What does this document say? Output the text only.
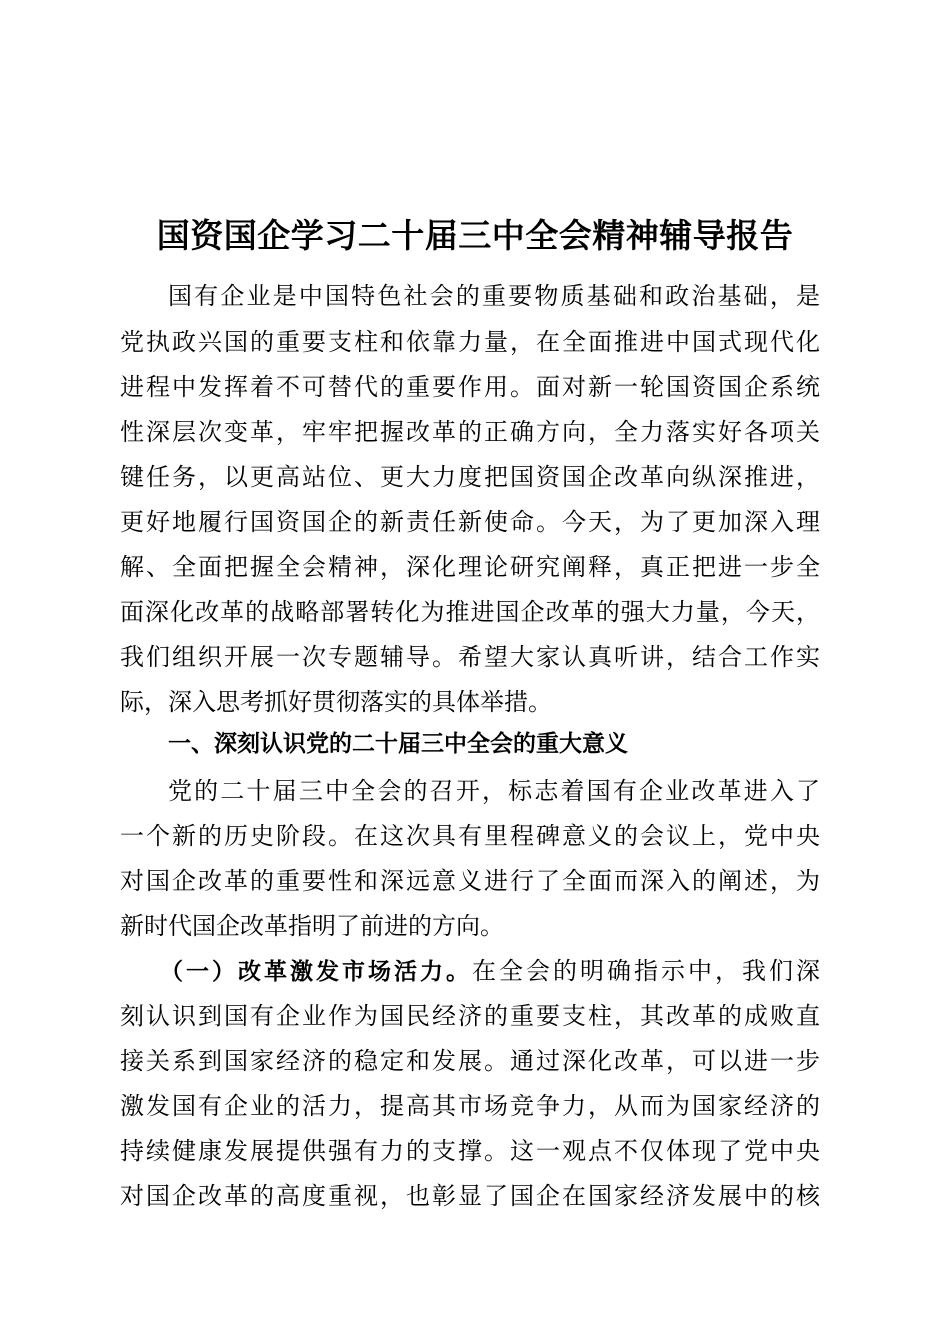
国资国企学习二十届三中全会精神辅导报告
国有企业是中国特色社会的重要物质基础和政治基础，是
党执政兴国的重要支柱和依靠力量，在全面推进中国式现代化
进程中发挥着不可替代的重要作用。面对新一轮国资国企系统
性深层次变革，牢牢把握改革的正确方向，全力落实好各项关
键任务，以更高站位、更大力度把国资国企改革向纵深推进，
更好地履行国资国企的新责任新使命。今天，为了更加深入理
解、全面把握全会精神，深化理论研究阐释，真正把进一步全
面深化改革的战略部署转化为推进国企改革的强大力量，今天，
我们组织开展一次专题辅导。希望大家认真听讲，结合工作实
际，深入思考抓好贯彻落实的具体举措。
一、深刻认识党的二十届三中全会的重大意义
党的二十届三中全会的召开，标志着国有企业改革进入了
一个新的历史阶段。在这次具有里程碑意义的会议上，党中央
对国企改革的重要性和深远意义进行了全面而深入的阐述，为
新时代国企改革指明了前进的方向。
（一）改革激发市场活力。在全会的明确指示中，我们深
刻认识到国有企业作为国民经济的重要支柱，其改革的成败直
接关系到国家经济的稳定和发展。通过深化改革，可以进一步
激发国有企业的活力，提高其市场竞争力，从而为国家经济的
持续健康发展提供强有力的支撑。这一观点不仅体现了党中央
对国企改革的高度重视，也彰显了国企在国家经济发展中的核
